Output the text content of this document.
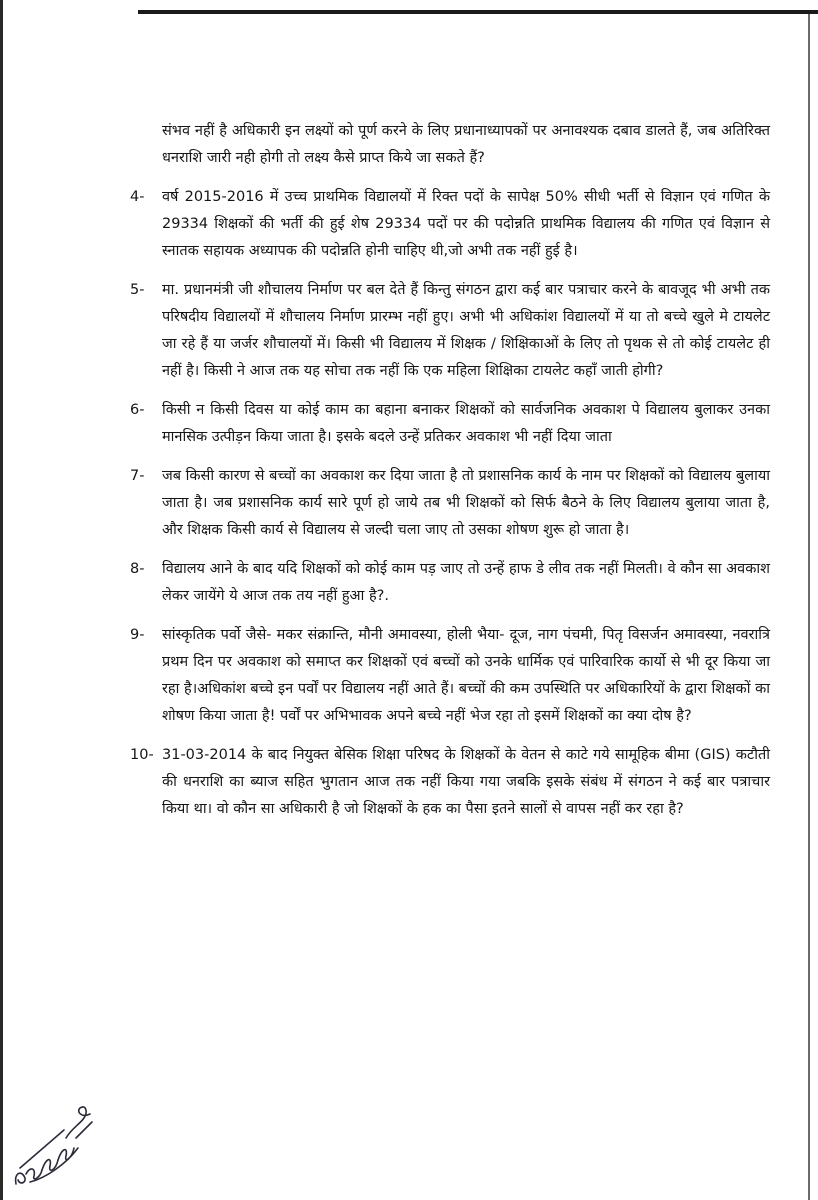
संभव नहीं है अधिकारी इन लक्ष्यों को पूर्ण करने के लिए प्रधानाध्यापकों पर अनावश्यक दबाव डालते हैं, जब अतिरिक्त धनराशि जारी नही होगी तो लक्ष्य कैसे प्राप्त किये जा सकते हैं?

4-	वर्ष 2015-2016 में उच्च प्राथमिक विद्यालयों में रिक्त पदों के सापेक्ष 50% सीधी भर्ती से विज्ञान एवं गणित के 29334 शिक्षकों की भर्ती की हुई शेष 29334 पदों पर की पदोन्नति प्राथमिक विद्यालय की गणित एवं विज्ञान से स्नातक सहायक अध्यापक की पदोन्नति होनी चाहिए थी,जो अभी तक नहीं हुई है।
5-	मा. प्रधानमंत्री जी शौचालय निर्माण पर बल देते हैं किन्तु संगठन द्वारा कई बार पत्राचार करने के बावजूद भी अभी तक परिषदीय विद्यालयों में शौचालय निर्माण प्रारम्भ नहीं हुए। अभी भी अधिकांश विद्यालयों में या तो बच्चे खुले मे टायलेट जा रहे हैं या जर्जर शौचालयों में। किसी भी विद्यालय में शिक्षक / शिक्षिकाओं के लिए तो पृथक से तो कोई टायलेट ही नहीं है। किसी ने आज तक यह सोचा तक नहीं कि एक महिला शिक्षिका टायलेट कहाँ जाती होगी?
6-	किसी न किसी दिवस या कोई काम का बहाना बनाकर शिक्षकों को सार्वजनिक अवकाश पे विद्यालय बुलाकर उनका मानसिक उत्पीड़न किया जाता है। इसके बदले उन्हें प्रतिकर अवकाश भी नहीं दिया जाता
7-	जब किसी कारण से बच्चों का अवकाश कर दिया जाता है तो प्रशासनिक कार्य के नाम पर शिक्षकों को विद्यालय बुलाया जाता है। जब प्रशासनिक कार्य सारे पूर्ण हो जाये तब भी शिक्षकों को सिर्फ बैठने के लिए विद्यालय बुलाया जाता है, और शिक्षक किसी कार्य से विद्यालय से जल्दी चला जाए तो उसका शोषण शुरू हो जाता है।
8-	विद्यालय आने के बाद यदि शिक्षकों को कोई काम पड़ जाए तो उन्हें हाफ डे लीव तक नहीं मिलती। वे कौन सा अवकाश लेकर जायेंगे ये आज तक तय नहीं हुआ है?.
9-	सांस्कृतिक पर्वो जैसे- मकर संक्रान्ति, मौनी अमावस्या, होली भैया- दूज, नाग पंचमी, पितृ विसर्जन अमावस्या, नवरात्रि प्रथम दिन पर अवकाश को समाप्त कर शिक्षकों एवं बच्चों को उनके धार्मिक एवं पारिवारिक कार्यो से भी दूर किया जा रहा है।अधिकांश बच्चे इन पर्वों पर विद्यालय नहीं आते हैं। बच्चों की कम उपस्थिति पर अधिकारियों के द्वारा शिक्षकों का शोषण किया जाता है! पर्वों पर अभिभावक अपने बच्चे नहीं भेज रहा तो इसमें शिक्षकों का क्या दोष है?
10- 31-03-2014 के बाद नियुक्त बेसिक शिक्षा परिषद के शिक्षकों के वेतन से काटे गये सामूहिक बीमा (GIS) कटौती की धनराशि का ब्याज सहित भुगतान आज तक नहीं किया गया जबकि इसके संबंध में संगठन ने कई बार पत्राचार किया था। वो कौन सा अधिकारी है जो शिक्षकों के हक का पैसा इतने सालों से वापस नहीं कर रहा है?
